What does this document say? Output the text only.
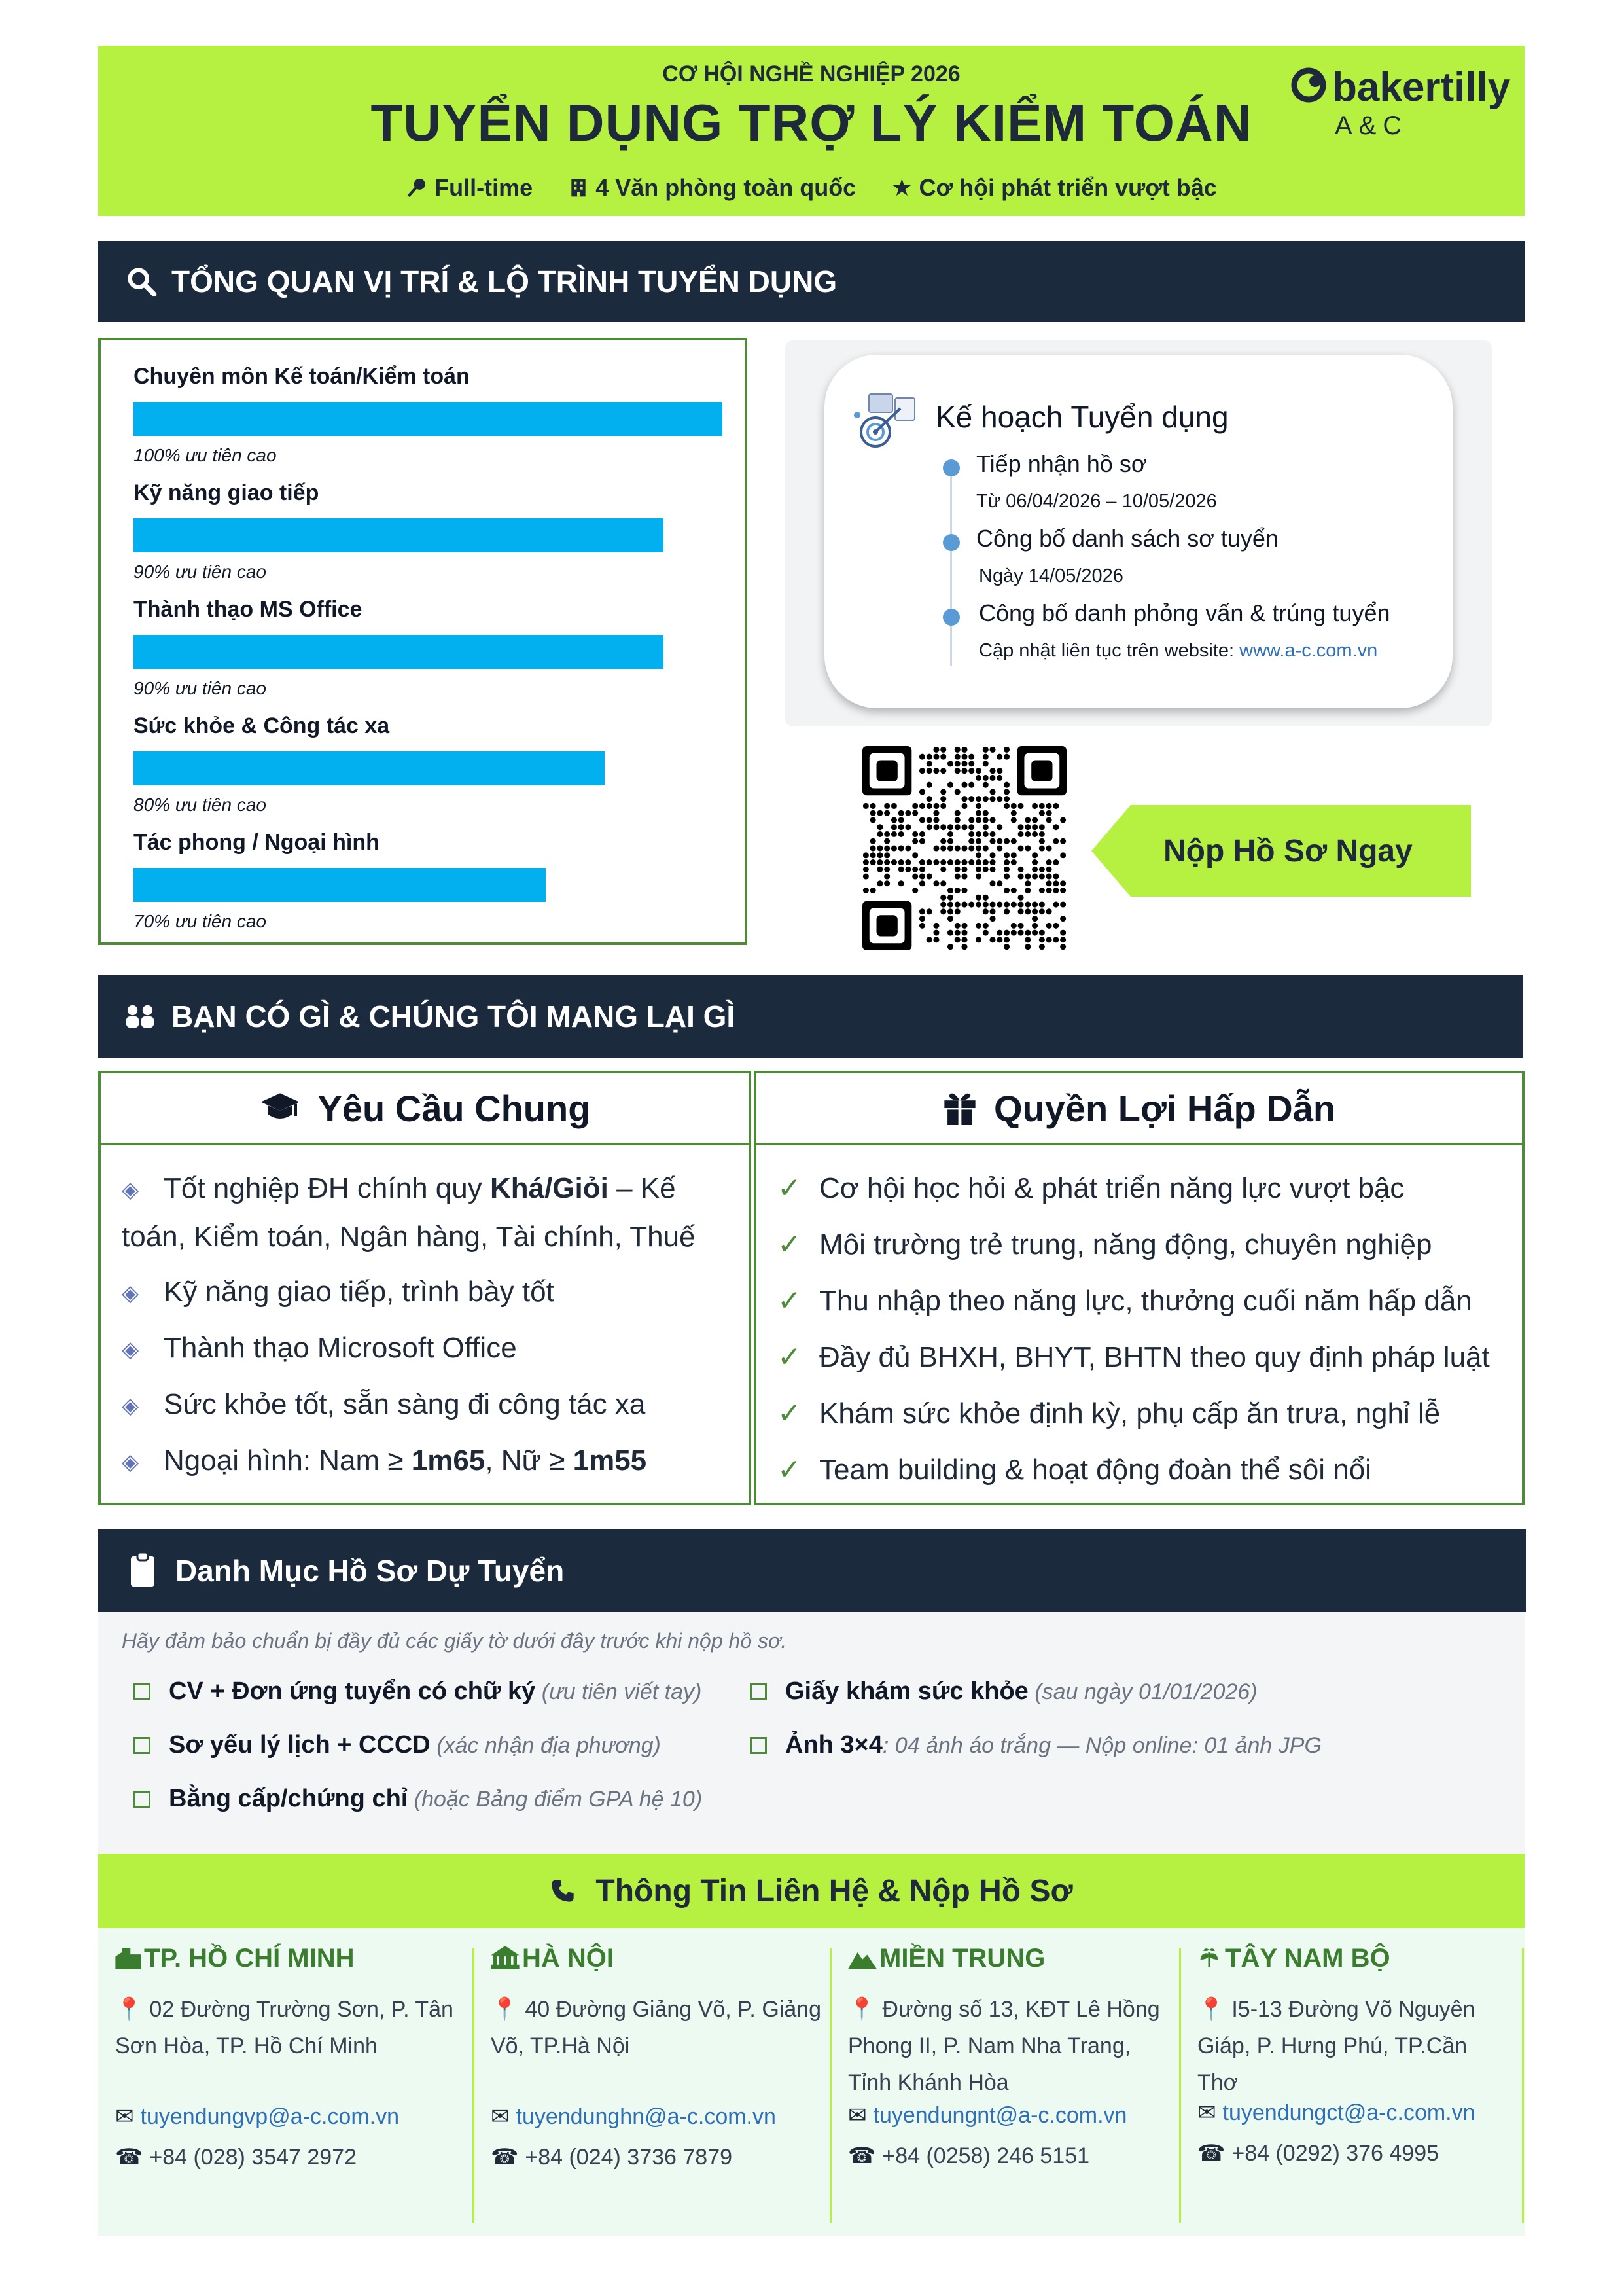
CƠ HỘI NGHỀ NGHIỆP 2026
TUYỂN DỤNG TRỢ LÝ KIỂM TOÁN
Full-time	4 Văn phòng toàn quốc ★ Cơ hội phát triển vượt bậc
bakertilly
A&C
TỔNG QUAN VỊ TRÍ & LỘ TRÌNH TUYỂN DỤNG
Chuyên môn Kế toán/Kiểm toán
100% ưu tiên cao
Kỹ năng giao tiếp
90% ưu tiên cao
Thành thạo MS Office
90% ưu tiên cao
Sức khỏe & Công tác xa
80% ưu tiên cao
Tác phong / Ngoại hình
70% ưu tiên cao
Kế hoạch Tuyển dụng
Tiếp nhận hồ sơ
Từ 06/04/2026 – 10/05/2026
Công bố danh sách sơ tuyển
Ngày 14/05/2026
Công bố danh phỏng vấn & trúng tuyển
Cập nhật liên tục trên website: www.a-c.com.vn
Nộp Hồ Sơ Ngay
BẠN CÓ GÌ & CHÚNG TÔI MANG LẠI GÌ
Yêu Cầu Chung
◈ Tốt nghiệp ĐH chính quy Khá/Giỏi – Kế toán, Kiểm toán, Ngân hàng, Tài chính, Thuế
◈ Kỹ năng giao tiếp, trình bày tốt
◈ Thành thạo Microsoft Office
◈ Sức khỏe tốt, sẵn sàng đi công tác xa
◈ Ngoại hình: Nam ≥ 1m65, Nữ ≥ 1m55
Quyền Lợi Hấp Dẫn
✓ Cơ hội học hỏi & phát triển năng lực vượt bậc
✓ Môi trường trẻ trung, năng động, chuyên nghiệp
✓ Thu nhập theo năng lực, thưởng cuối năm hấp dẫn
✓ Đầy đủ BHXH, BHYT, BHTN theo quy định pháp luật
✓ Khám sức khỏe định kỳ, phụ cấp ăn trưa, nghỉ lễ
✓ Team building & hoạt động đoàn thể sôi nổi
Danh Mục Hồ Sơ Dự Tuyển
Hãy đảm bảo chuẩn bị đầy đủ các giấy tờ dưới đây trước khi nộp hồ sơ.
CV + Đơn ứng tuyển có chữ ký (ưu tiên viết tay)	Giấy khám sức khỏe (sau ngày 01/01/2026)
Sơ yếu lý lịch + CCCD (xác nhận địa phương)	Ảnh 3×4: 04 ảnh áo trắng — Nộp online: 01 ảnh JPG
Bằng cấp/chứng chỉ (hoặc Bảng điểm GPA hệ 10)
Thông Tin Liên Hệ & Nộp Hồ Sơ
TP. HỒ CHÍ MINH
📍 02 Đường Trường Sơn, P. Tân Sơn Hòa, TP. Hồ Chí Minh
✉ tuyendungvp@a-c.com.vn
☎ +84 (028) 3547 2972
HÀ NỘI
📍 40 Đường Giảng Võ, P. Giảng Võ, TP.Hà Nội
✉ tuyendunghn@a-c.com.vn
☎ +84 (024) 3736 7879
MIỀN TRUNG
📍 Đường số 13, KĐT Lê Hồng Phong II, P. Nam Nha Trang, Tỉnh Khánh Hòa
✉ tuyendungnt@a-c.com.vn
☎ +84 (0258) 246 5151
TÂY NAM BỘ
📍 I5-13 Đường Võ Nguyên Giáp, P. Hưng Phú, TP.Cần Thơ
✉ tuyendungct@a-c.com.vn
☎ +84 (0292) 376 4995
